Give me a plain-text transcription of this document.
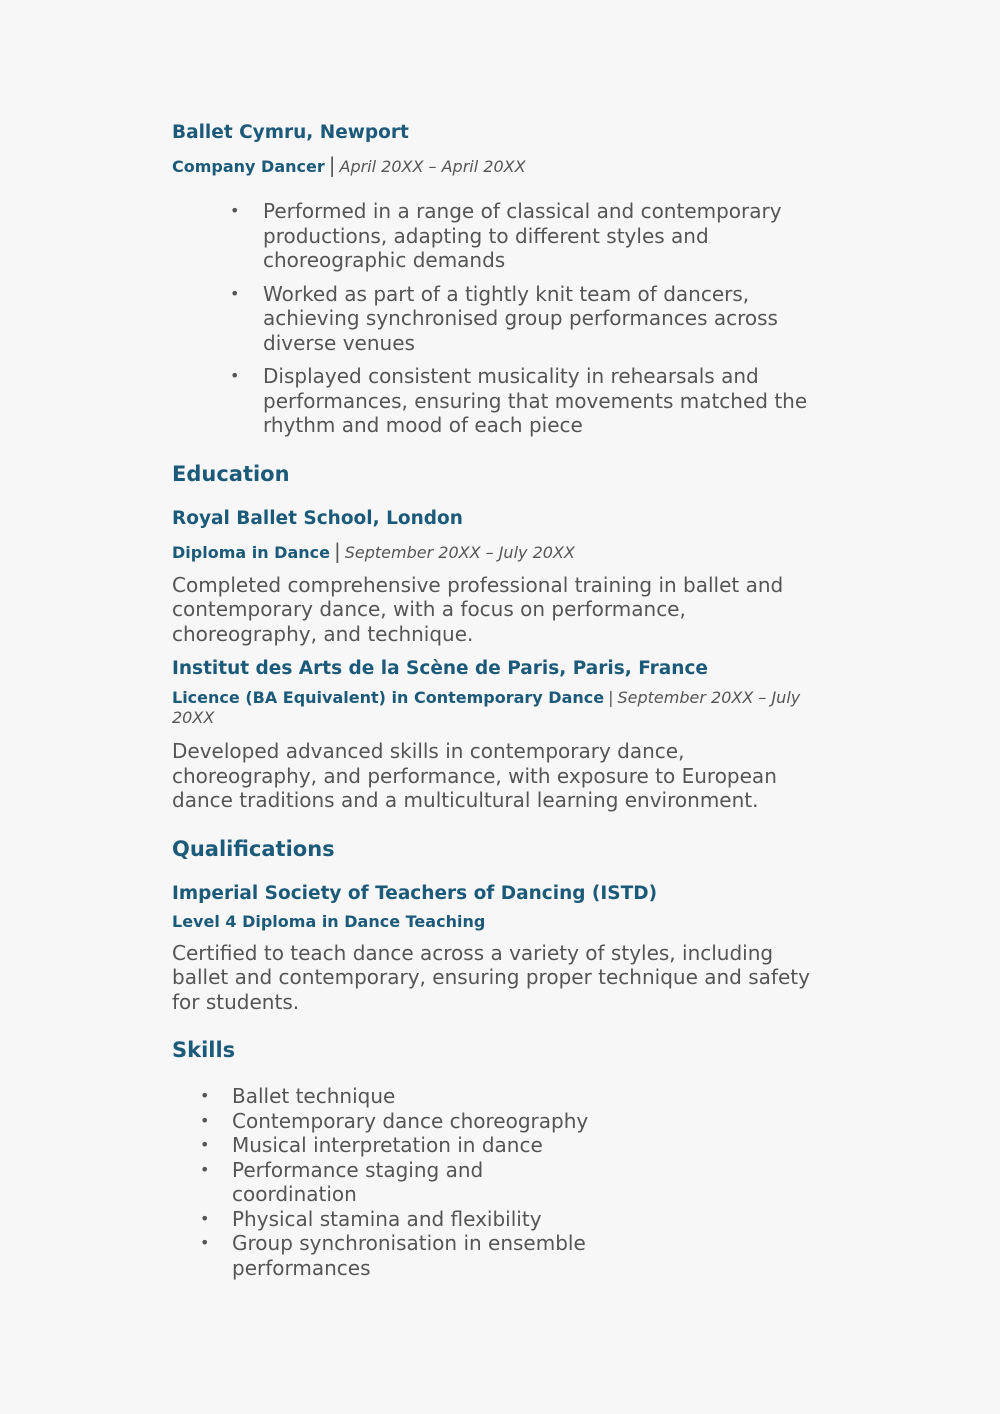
Ballet Cymru, Newport

Company Dancer | April 20XX – April 20XX

• Performed in a range of classical and contemporary productions, adapting to different styles and choreographic demands
• Worked as part of a tightly knit team of dancers, achieving synchronised group performances across diverse venues
• Displayed consistent musicality in rehearsals and performances, ensuring that movements matched the rhythm and mood of each piece
Education

Royal Ballet School, London

Diploma in Dance | September 20XX – July 20XX

Completed comprehensive professional training in ballet and contemporary dance, with a focus on performance, choreography, and technique.

Institut des Arts de la Scène de Paris, Paris, France

Licence (BA Equivalent) in Contemporary Dance | September 20XX – July 20XX

Developed advanced skills in contemporary dance, choreography, and performance, with exposure to European dance traditions and a multicultural learning environment.

Qualifications

Imperial Society of Teachers of Dancing (ISTD)

Level 4 Diploma in Dance Teaching

Certified to teach dance across a variety of styles, including ballet and contemporary, ensuring proper technique and safety for students.

Skills
• Ballet technique
• Contemporary dance choreography
• Musical interpretation in dance
• Performance staging and coordination
• Physical stamina and flexibility
• Group synchronisation in ensemble performances
